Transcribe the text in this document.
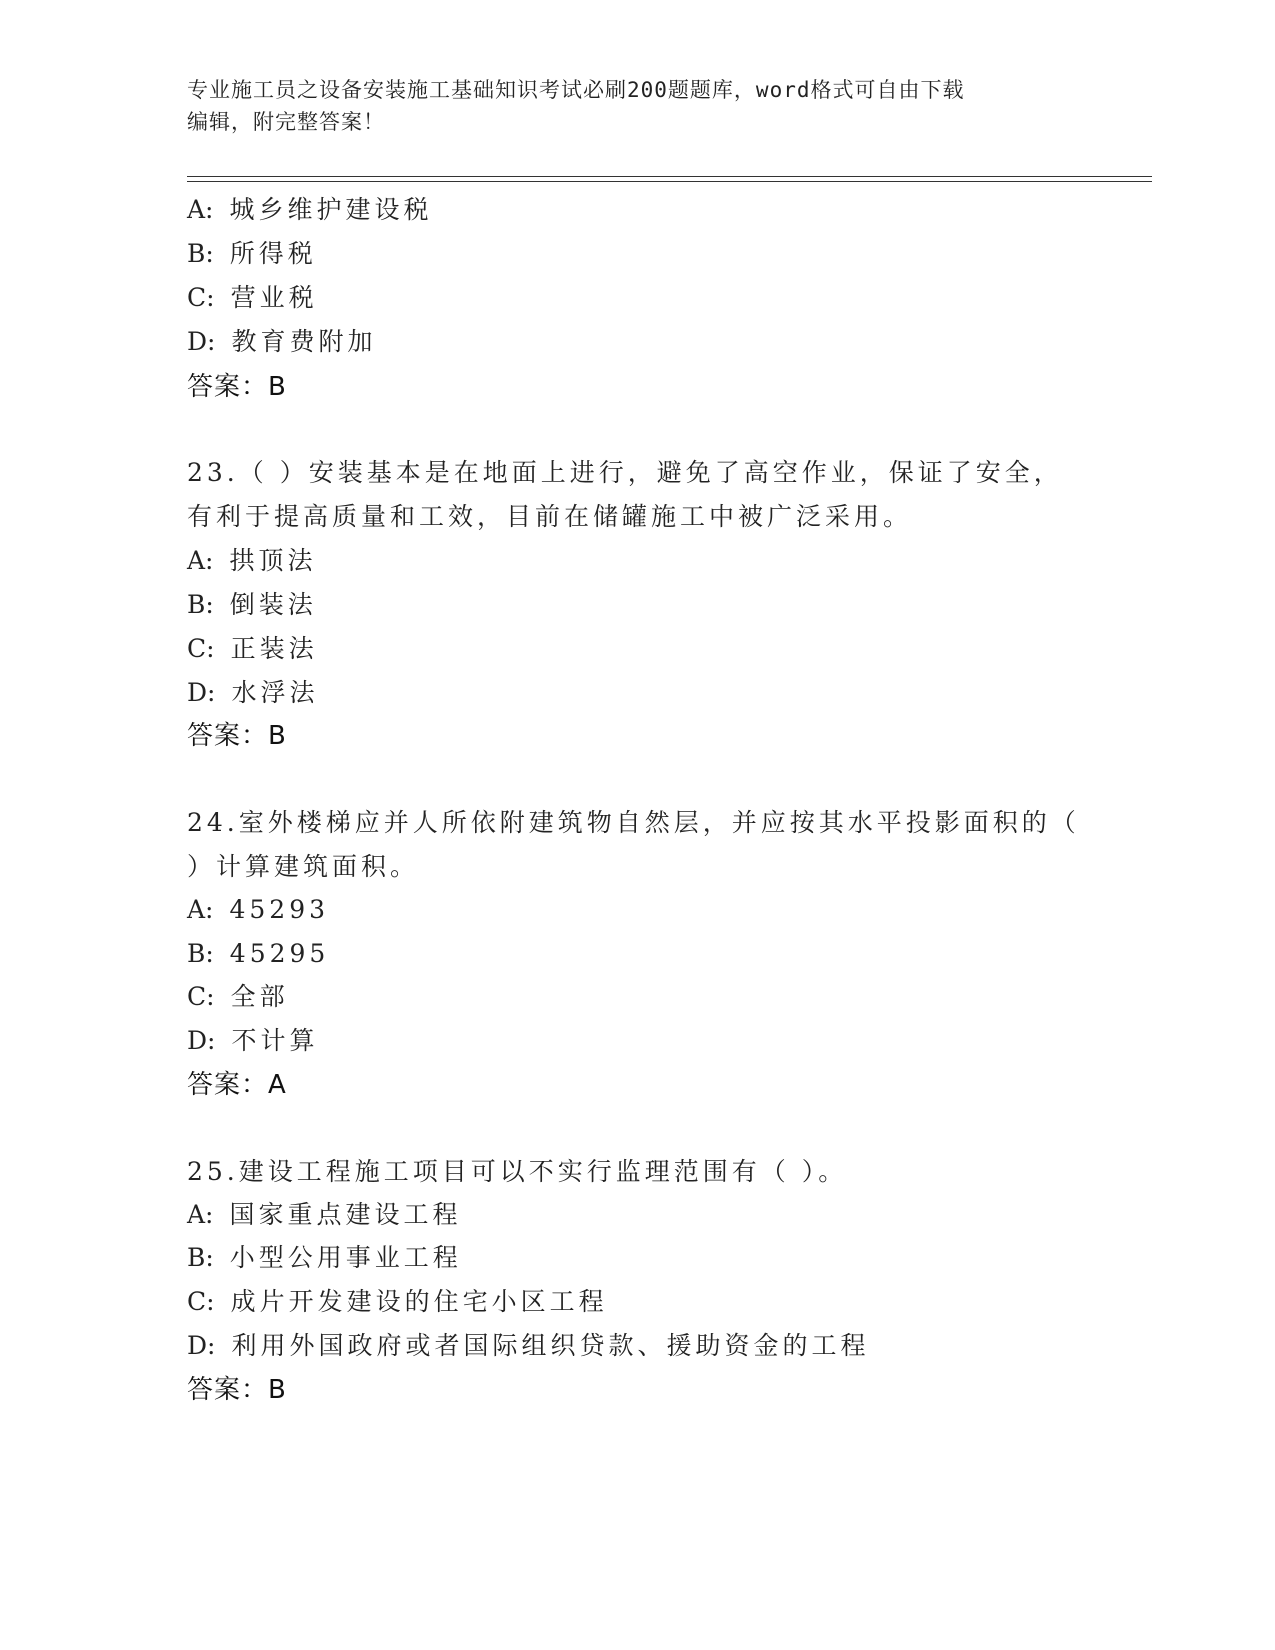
专业施工员之设备安装施工基础知识考试必刷200题题库，word格式可自由下载
编辑，附完整答案！
A: 城乡维护建设税
B: 所得税
C: 营业税
D: 教育费附加
答案：B
23.（ ）安装基本是在地面上进行，避免了高空作业，保证了安全，
有利于提高质量和工效，目前在储罐施工中被广泛采用。
A: 拱顶法
B: 倒装法
C: 正装法
D: 水浮法
答案：B
24.室外楼梯应并人所依附建筑物自然层，并应按其水平投影面积的（
）计算建筑面积。
A: 45293
B: 45295
C: 全部
D: 不计算
答案：A
25.建设工程施工项目可以不实行监理范围有（ ）。
A: 国家重点建设工程
B: 小型公用事业工程
C: 成片开发建设的住宅小区工程
D: 利用外国政府或者国际组织贷款、援助资金的工程
答案：B
